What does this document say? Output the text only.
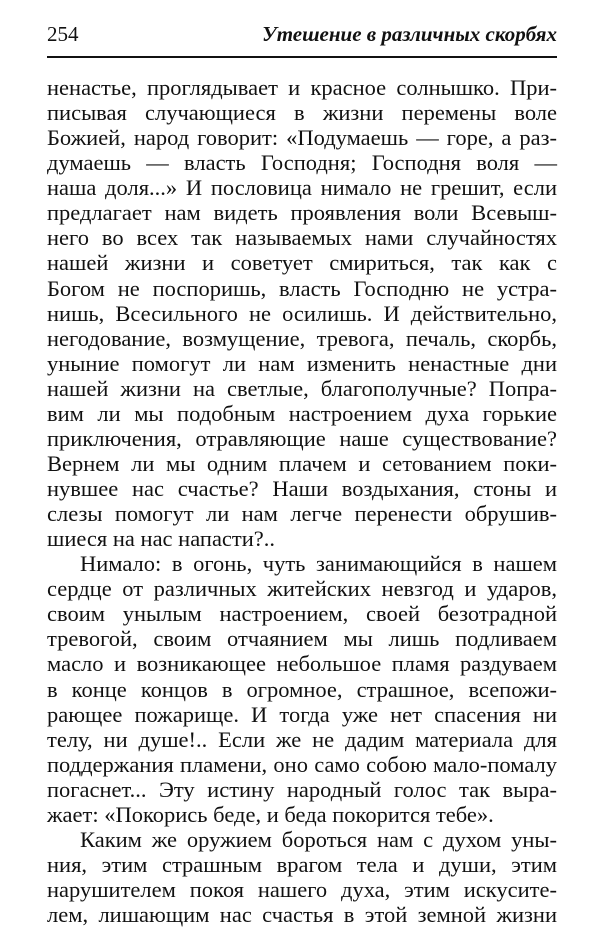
254	Утешение в различных скорбях
ненастье, проглядывает и красное солнышко. При-
писывая случающиеся в жизни перемены воле
Божией, народ говорит: «Подумаешь — горе, а раз-
думаешь — власть Господня; Господня воля —
наша доля...» И пословица нимало не грешит, если
предлагает нам видеть проявления воли Всевыш-
него во всех так называемых нами случайностях
нашей жизни и советует смириться, так как с
Богом не поспоришь, власть Господню не устра-
нишь, Всесильного не осилишь. И действительно,
негодование, возмущение, тревога, печаль, скорбь,
уныние помогут ли нам изменить ненастные дни
нашей жизни на светлые, благополучные? Попра-
вим ли мы подобным настроением духа горькие
приключения, отравляющие наше существование?
Вернем ли мы одним плачем и сетованием поки-
нувшее нас счастье? Наши воздыхания, стоны и
слезы помогут ли нам легче перенести обрушив-
шиеся на нас напасти?..
Нимало: в огонь, чуть занимающийся в нашем
сердце от различных житейских невзгод и ударов,
своим унылым настроением, своей безотрадной
тревогой, своим отчаянием мы лишь подливаем
масло и возникающее небольшое пламя раздуваем
в конце концов в огромное, страшное, всепожи-
рающее пожарище. И тогда уже нет спасения ни
телу, ни душе!.. Если же не дадим материала для
поддержания пламени, оно само собою мало-помалу
погаснет... Эту истину народный голос так выра-
жает: «Покорись беде, и беда покорится тебе».
Каким же оружием бороться нам с духом уны-
ния, этим страшным врагом тела и души, этим
нарушителем покоя нашего духа, этим искусите-
лем, лишающим нас счастья в этой земной жизни
